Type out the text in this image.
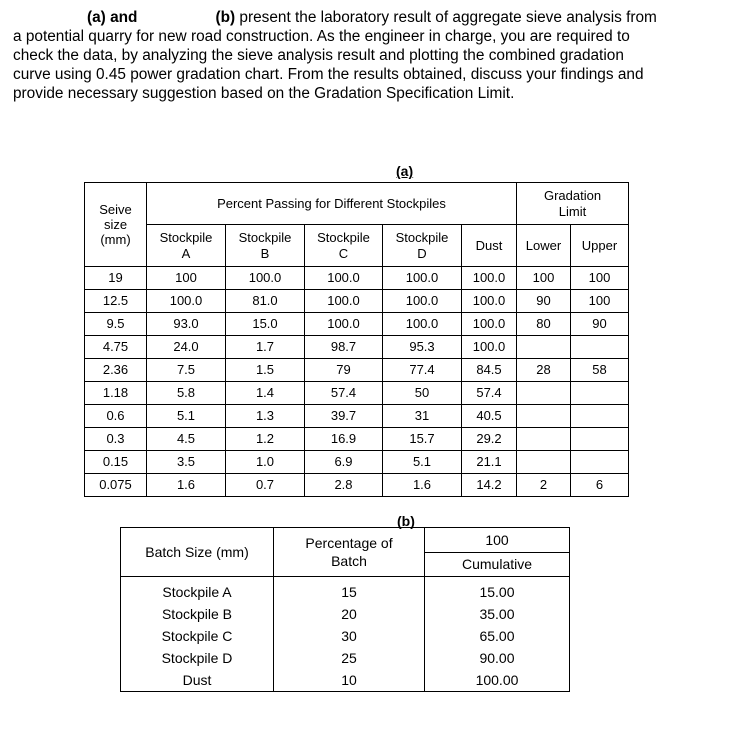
(a) and	(b) present the laboratory result of aggregate sieve analysis from
a potential quarry for new road construction. As the engineer in charge, you are required to
check the data, by analyzing the sieve analysis result and plotting the combined gradation
curve using 0.45 power gradation chart. From the results obtained, discuss your findings and
provide necessary suggestion based on the Gradation Specification Limit.
(a)
Seive size (mm)	Percent Passing for Different Stockpiles					Gradation Limit	
	Stockpile A	Stockpile B	Stockpile C	Stockpile D	Dust	Lower	Upper
19	100	100.0	100.0	100.0	100.0	100	100
12.5	100.0	81.0	100.0	100.0	100.0	90	100
9.5	93.0	15.0	100.0	100.0	100.0	80	90
4.75	24.0	1.7	98.7	95.3	100.0		
2.36	7.5	1.5	79	77.4	84.5	28	58
1.18	5.8	1.4	57.4	50	57.4		
0.6	5.1	1.3	39.7	31	40.5		
0.3	4.5	1.2	16.9	15.7	29.2		
0.15	3.5	1.0	6.9	5.1	21.1		
0.075	1.6	0.7	2.8	1.6	14.2	2	6
(b)
Batch Size (mm)	Percentage of Batch	100
Cumulative

Stockpile A	15	15.00
Stockpile B	20	35.00
Stockpile C	30	65.00
Stockpile D	25	90.00
Dust	10	100.00
